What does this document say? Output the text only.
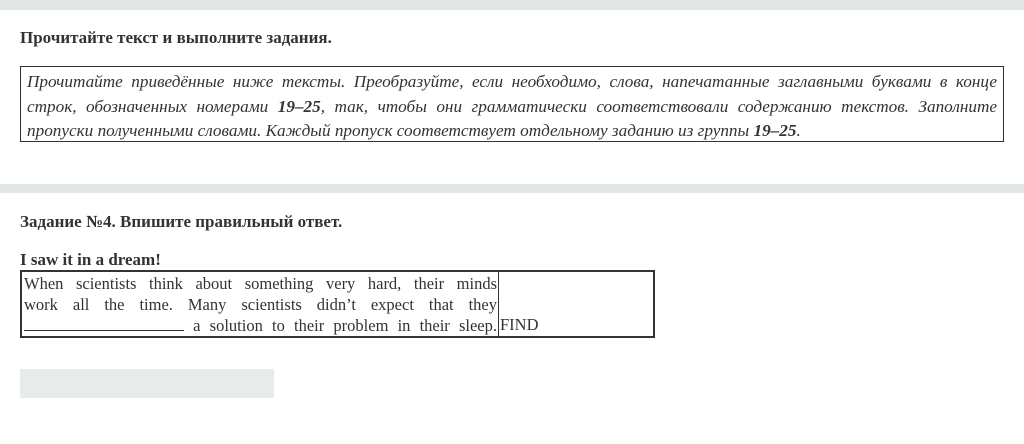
Прочитайте текст и выполните задания.
Прочитайте приведённые ниже тексты. Преобразуйте, если необходимо, слова, напечатанные заглавными буквами в конце строк, обозначенных номерами 19–25, так, чтобы они грамматически соответствовали содержанию текстов. Заполните пропуски полученными словами. Каждый пропуск соответствует отдельному заданию из группы 19–25.
Задание №4. Впишите правильный ответ.
I saw it in a dream!
When scientists think about something very hard, their minds
work all the time. Many scientists didn’t expect that they
a solution to their problem in their sleep.	FIND
